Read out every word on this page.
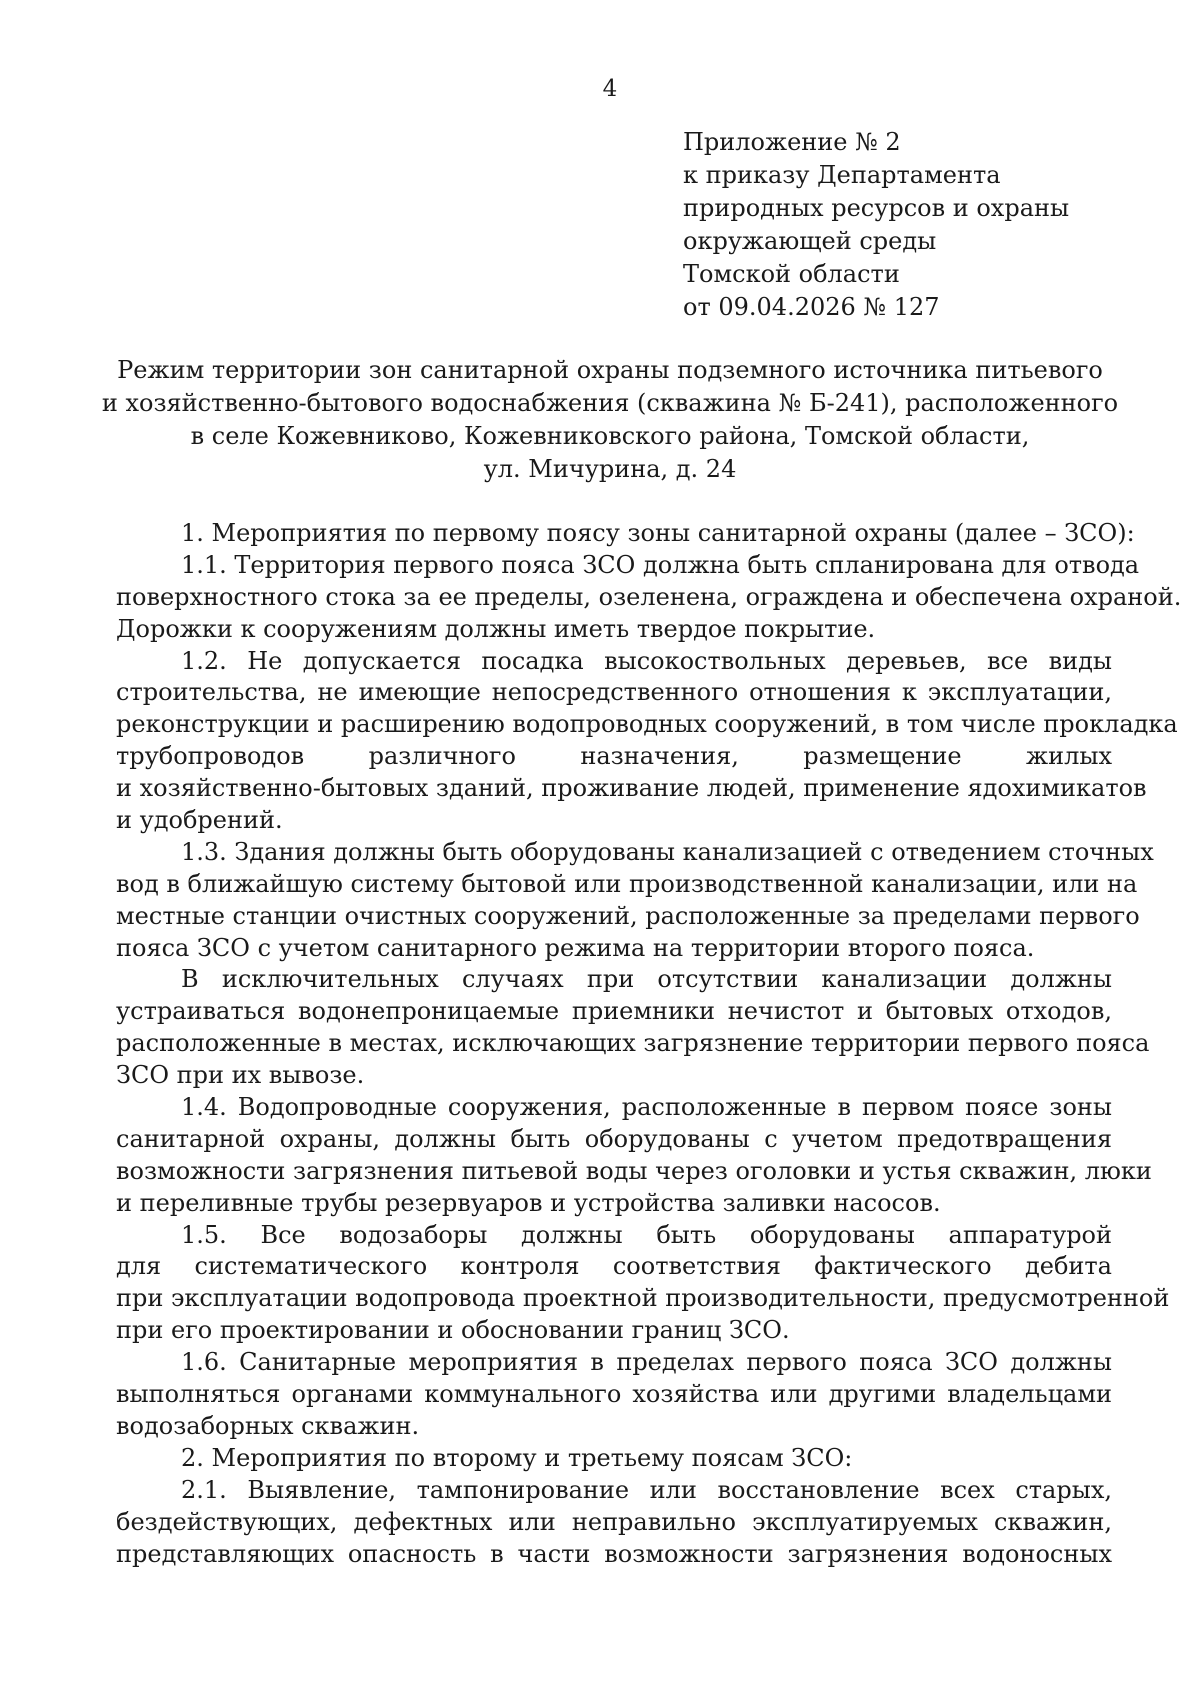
4
Приложение № 2
к приказу Департамента
природных ресурсов и охраны
окружающей среды
Томской области
от 09.04.2026 № 127
Режим территории зон санитарной охраны подземного источника питьевого
и хозяйственно-бытового водоснабжения (скважина № Б-241), расположенного
в селе Кожевниково, Кожевниковского района, Томской области,
ул. Мичурина, д. 24
1. Мероприятия по первому поясу зоны санитарной охраны (далее – ЗСО):
1.1. Территория первого пояса ЗСО должна быть спланирована для отвода
поверхностного стока за ее пределы, озеленена, ограждена и обеспечена охраной.
Дорожки к сооружениям должны иметь твердое покрытие.
1.2. Не допускается посадка высокоствольных деревьев, все виды
строительства, не имеющие непосредственного отношения к эксплуатации,
реконструкции и расширению водопроводных сооружений, в том числе прокладка
трубопроводов различного назначения, размещение жилых
и хозяйственно-бытовых зданий, проживание людей, применение ядохимикатов
и удобрений.
1.3. Здания должны быть оборудованы канализацией с отведением сточных
вод в ближайшую систему бытовой или производственной канализации, или на
местные станции очистных сооружений, расположенные за пределами первого
пояса ЗСО с учетом санитарного режима на территории второго пояса.
В исключительных случаях при отсутствии канализации должны
устраиваться водонепроницаемые приемники нечистот и бытовых отходов,
расположенные в местах, исключающих загрязнение территории первого пояса
ЗСО при их вывозе.
1.4. Водопроводные сооружения, расположенные в первом поясе зоны
санитарной охраны, должны быть оборудованы с учетом предотвращения
возможности загрязнения питьевой воды через оголовки и устья скважин, люки
и переливные трубы резервуаров и устройства заливки насосов.
1.5. Все водозаборы должны быть оборудованы аппаратурой
для систематического контроля соответствия фактического дебита
при эксплуатации водопровода проектной производительности, предусмотренной
при его проектировании и обосновании границ ЗСО.
1.6. Санитарные мероприятия в пределах первого пояса ЗСО должны
выполняться органами коммунального хозяйства или другими владельцами
водозаборных скважин.
2. Мероприятия по второму и третьему поясам ЗСО:
2.1. Выявление, тампонирование или восстановление всех старых,
бездействующих, дефектных или неправильно эксплуатируемых скважин,
представляющих опасность в части возможности загрязнения водоносных
